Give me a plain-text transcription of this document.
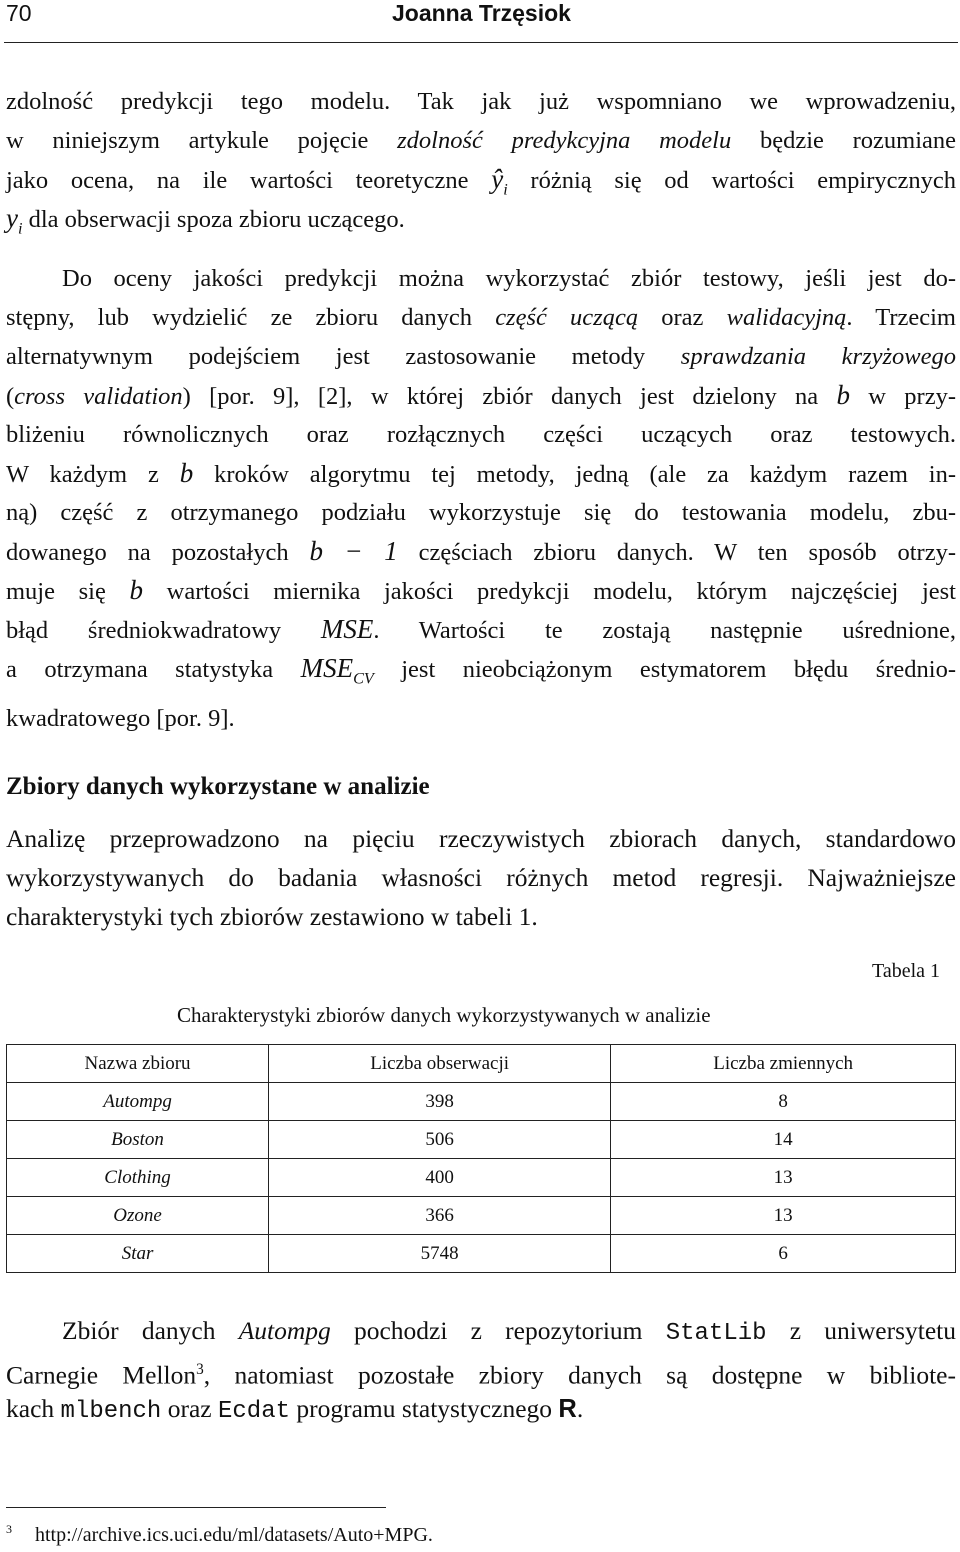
70	Joanna Trzęsiok
zdolność predykcji tego modelu. Tak jak już wspomniano we wprowadzeniu,
w niniejszym artykule pojęcie zdolność predykcyjna modelu będzie rozumiane
jako ocena, na ile wartości teoretyczne $ŷ_i$ różnią się od wartości empirycznych
$y_i$ dla obserwacji spoza zbioru uczącego.
Do oceny jakości predykcji można wykorzystać zbiór testowy, jeśli jest do-
stępny, lub wydzielić ze zbioru danych część uczącą oraz walidacyjną. Trzecim
alternatywnym podejściem jest zastosowanie metody sprawdzania krzyżowego
(cross validation) [por. 9], [2], w której zbiór danych jest dzielony na b w przy-
bliżeniu równolicznych oraz rozłącznych części uczących oraz testowych.
W każdym z b kroków algorytmu tej metody, jedną (ale za każdym razem in-
ną) część z otrzymanego podziału wykorzystuje się do testowania modelu, zbu-
dowanego na pozostałych b − 1 częściach zbioru danych. W ten sposób otrzy-
muje się b wartości miernika jakości predykcji modelu, którym najczęściej jest
błąd średniokwadratowy MSE. Wartości te zostają następnie uśrednione,
a otrzymana statystyka $MSE_{CV}$ jest nieobciążonym estymatorem błędu średnio-
kwadratowego [por. 9].
Zbiory danych wykorzystane w analizie
Analizę przeprowadzono na pięciu rzeczywistych zbiorach danych, standardowo
wykorzystywanych do badania własności różnych metod regresji. Najważniejsze
charakterystyki tych zbiorów zestawiono w tabeli 1.
Tabela 1
Charakterystyki zbiorów danych wykorzystywanych w analizie
Nazwa zbioru	Liczba obserwacji	Liczba zmiennych
Autompg	398	8
Boston	506	14
Clothing	400	13
Ozone	366	13
Star	5748	6
Zbiór danych Autompg pochodzi z repozytorium StatLib z uniwersytetu
Carnegie Mellon$^3$, natomiast pozostałe zbiory danych są dostępne w bibliote-
kach mlbench oraz Ecdat programu statystycznego R.
$^3$ http://archive.ics.uci.edu/ml/datasets/Auto+MPG.
